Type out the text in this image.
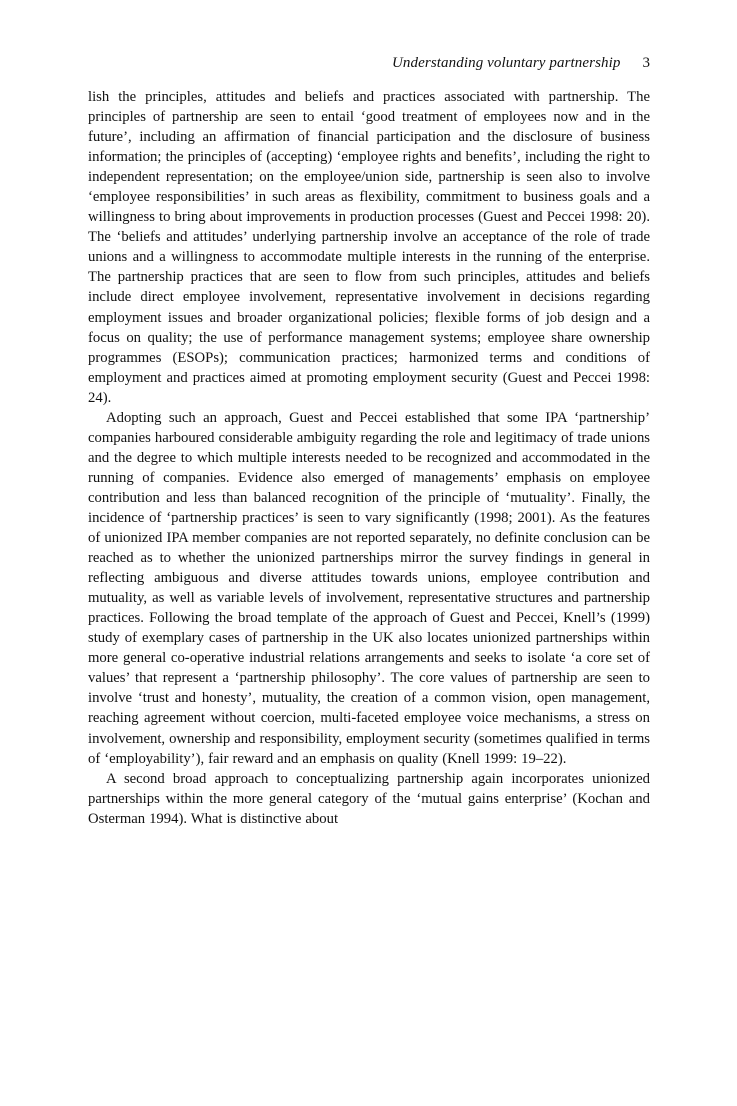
Understanding voluntary partnership 3

lish the principles, attitudes and beliefs and practices associated with partnership. The principles of partnership are seen to entail ‘good treatment of employees now and in the future’, including an affirmation of financial participation and the disclosure of business information; the principles of (accepting) ‘employee rights and benefits’, including the right to independent representation; on the employee/union side, partnership is seen also to involve ‘employee responsibilities’ in such areas as flexibility, commitment to business goals and a willingness to bring about improvements in production processes (Guest and Peccei 1998: 20). The ‘beliefs and attitudes’ underlying partnership involve an acceptance of the role of trade unions and a willingness to accommodate multiple interests in the running of the enterprise. The partnership practices that are seen to flow from such principles, attitudes and beliefs include direct employee involvement, representative involvement in decisions regarding employment issues and broader organizational policies; flexible forms of job design and a focus on quality; the use of performance management systems; employee share ownership programmes (ESOPs); communication practices; harmonized terms and conditions of employment and practices aimed at promoting employment security (Guest and Peccei 1998: 24).

Adopting such an approach, Guest and Peccei established that some IPA ‘partnership’ companies harboured considerable ambiguity regarding the role and legitimacy of trade unions and the degree to which multiple interests needed to be recognized and accommodated in the running of companies. Evidence also emerged of managements’ emphasis on employee contribution and less than balanced recognition of the principle of ‘mutuality’. Finally, the incidence of ‘partnership practices’ is seen to vary significantly (1998; 2001). As the features of unionized IPA member companies are not reported separately, no definite conclusion can be reached as to whether the unionized partnerships mirror the survey findings in general in reflecting ambiguous and diverse attitudes towards unions, employee contribution and mutuality, as well as variable levels of involvement, representative structures and partnership practices. Following the broad template of the approach of Guest and Peccei, Knell’s (1999) study of exemplary cases of partnership in the UK also locates unionized partnerships within more general co-operative industrial relations arrangements and seeks to isolate ‘a core set of values’ that represent a ‘partnership philosophy’. The core values of partnership are seen to involve ‘trust and honesty’, mutuality, the creation of a common vision, open management, reaching agreement without coercion, multi-faceted employee voice mechanisms, a stress on involvement, ownership and responsibility, employment security (sometimes qualified in terms of ‘employability’), fair reward and an emphasis on quality (Knell 1999: 19–22).

A second broad approach to conceptualizing partnership again incorporates unionized partnerships within the more general category of the ‘mutual gains enterprise’ (Kochan and Osterman 1994). What is distinctive about
